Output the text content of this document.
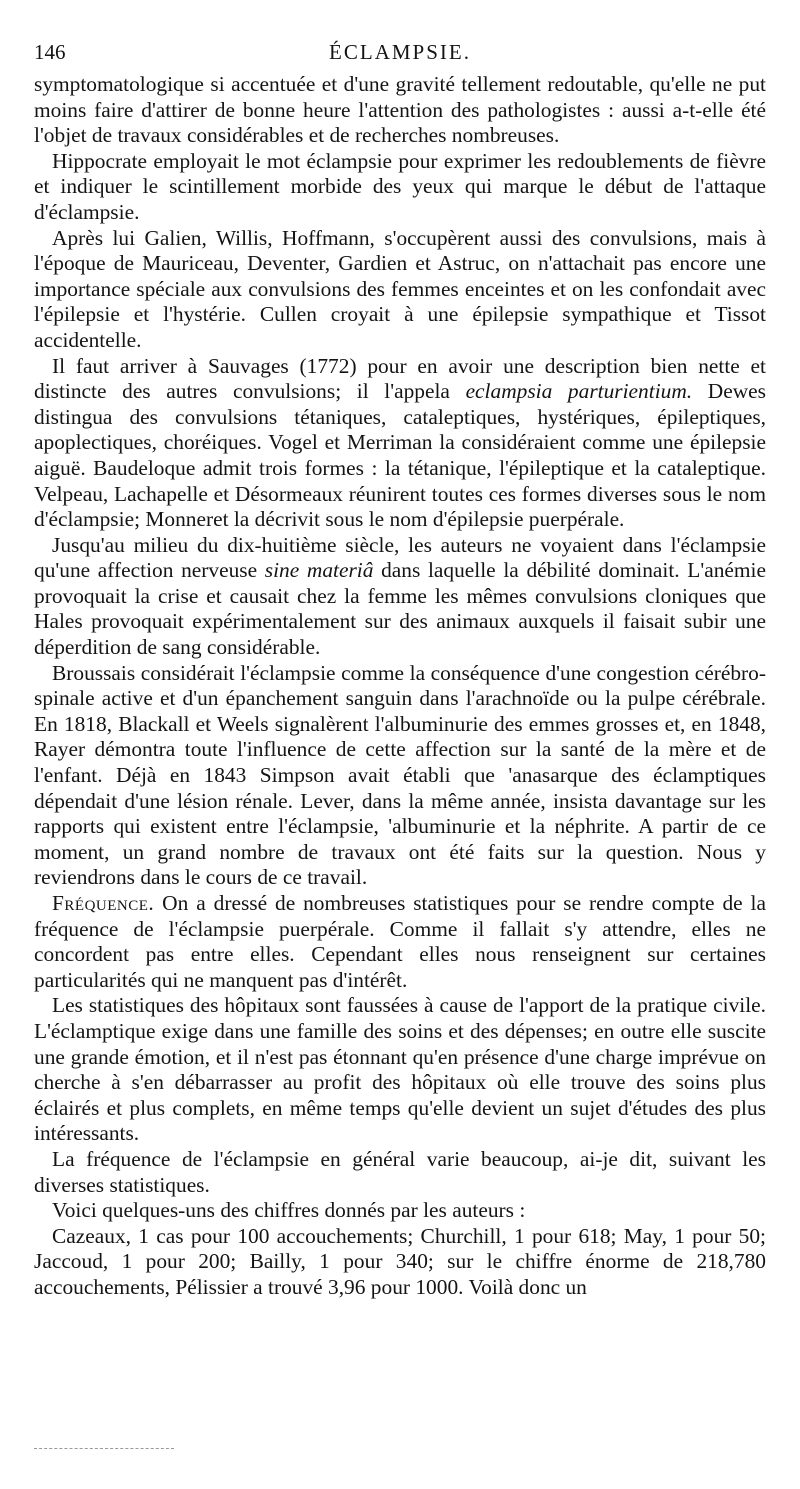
146	ÉCLAMPSIE.

symptomatologique si accentuée et d'une gravité tellement redoutable, qu'elle ne put moins faire d'attirer de bonne heure l'attention des pathologistes : aussi a-t-elle été l'objet de travaux considérables et de recherches nombreuses.

Hippocrate employait le mot éclampsie pour exprimer les redoublements de fièvre et indiquer le scintillement morbide des yeux qui marque le début de l'attaque d'éclampsie.

Après lui Galien, Willis, Hoffmann, s'occupèrent aussi des convulsions, mais à l'époque de Mauriceau, Deventer, Gardien et Astruc, on n'attachait pas encore une importance spéciale aux convulsions des femmes enceintes et on les confondait avec l'épilepsie et l'hystérie. Cullen croyait à une épilepsie sympathique et Tissot accidentelle.

Il faut arriver à Sauvages (1772) pour en avoir une description bien nette et distincte des autres convulsions; il l'appela eclampsia parturientium. Dewes distingua des convulsions tétaniques, cataleptiques, hystériques, épileptiques, apoplectiques, choréiques. Vogel et Merriman la considéraient comme une épilepsie aiguë. Baudeloque admit trois formes : la tétanique, l'épileptique et la cataleptique. Velpeau, Lachapelle et Désormeaux réunirent toutes ces formes diverses sous le nom d'éclampsie; Monneret la décrivit sous le nom d'épilepsie puerpérale.

Jusqu'au milieu du dix-huitième siècle, les auteurs ne voyaient dans l'éclampsie qu'une affection nerveuse sine materiâ dans laquelle la débilité dominait. L'anémie provoquait la crise et causait chez la femme les mêmes convulsions cloniques que Hales provoquait expérimentalement sur des animaux auxquels il faisait subir une déperdition de sang considérable.

Broussais considérait l'éclampsie comme la conséquence d'une congestion cérébro-spinale active et d'un épanchement sanguin dans l'arachnoïde ou la pulpe cérébrale. En 1818, Blackall et Weels signalèrent l'albuminurie des emmes grosses et, en 1848, Rayer démontra toute l'influence de cette affection sur la santé de la mère et de l'enfant. Déjà en 1843 Simpson avait établi que 'anasarque des éclamptiques dépendait d'une lésion rénale. Lever, dans la même année, insista davantage sur les rapports qui existent entre l'éclampsie, 'albuminurie et la néphrite. A partir de ce moment, un grand nombre de travaux ont été faits sur la question. Nous y reviendrons dans le cours de ce travail.

Fréquence. On a dressé de nombreuses statistiques pour se rendre compte de la fréquence de l'éclampsie puerpérale. Comme il fallait s'y attendre, elles ne concordent pas entre elles. Cependant elles nous renseignent sur certaines particularités qui ne manquent pas d'intérêt.

Les statistiques des hôpitaux sont faussées à cause de l'apport de la pratique civile. L'éclamptique exige dans une famille des soins et des dépenses; en outre elle suscite une grande émotion, et il n'est pas étonnant qu'en présence d'une charge imprévue on cherche à s'en débarrasser au profit des hôpitaux où elle trouve des soins plus éclairés et plus complets, en même temps qu'elle devient un sujet d'études des plus intéressants.

La fréquence de l'éclampsie en général varie beaucoup, ai-je dit, suivant les diverses statistiques.

Voici quelques-uns des chiffres donnés par les auteurs :

Cazeaux, 1 cas pour 100 accouchements; Churchill, 1 pour 618; May, 1 pour 50; Jaccoud, 1 pour 200; Bailly, 1 pour 340; sur le chiffre énorme de 218,780 accouchements, Pélissier a trouvé 3,96 pour 1000. Voilà donc un
